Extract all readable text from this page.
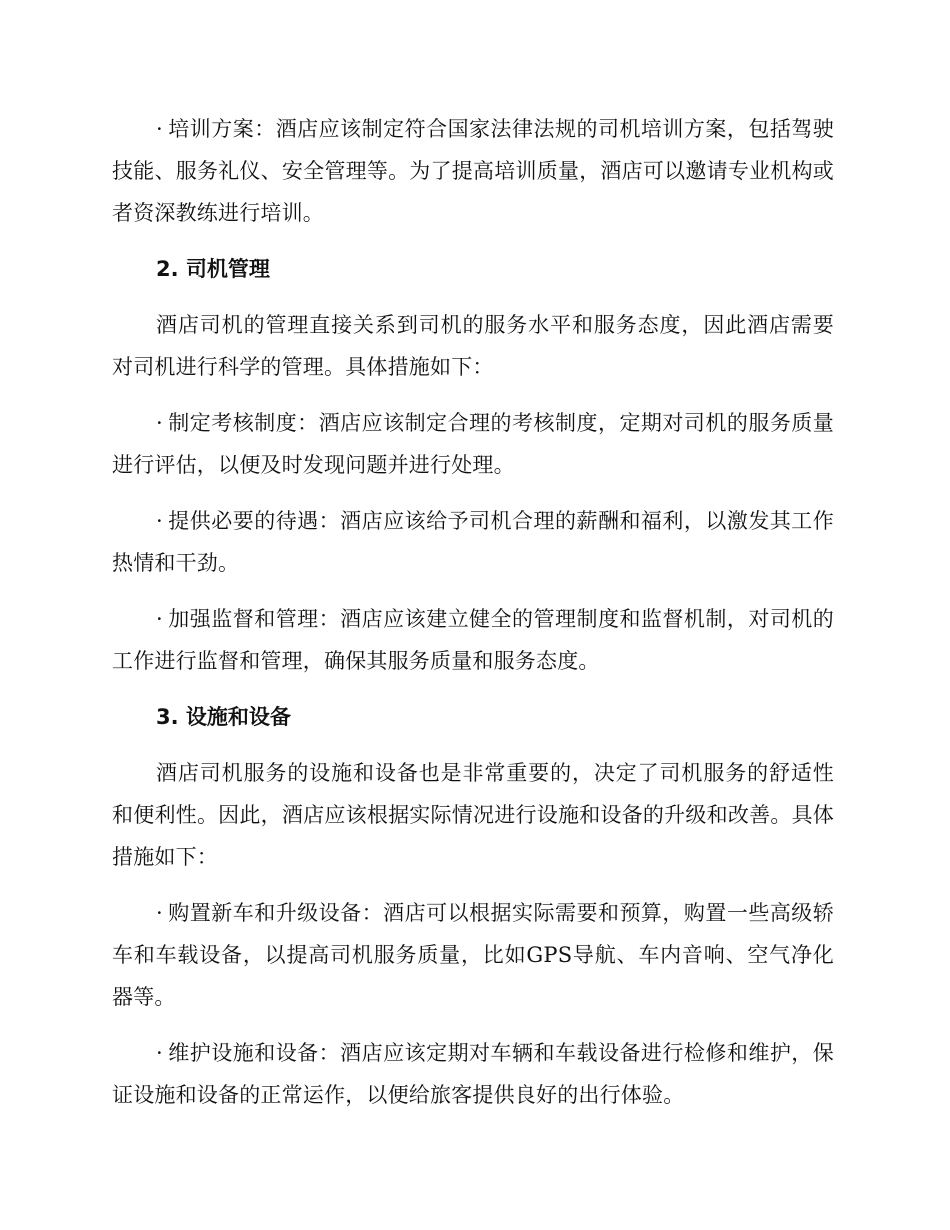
· 培训方案：酒店应该制定符合国家法律法规的司机培训方案，包括驾驶技能、服务礼仪、安全管理等。为了提高培训质量，酒店可以邀请专业机构或者资深教练进行培训。

2. 司机管理

酒店司机的管理直接关系到司机的服务水平和服务态度，因此酒店需要对司机进行科学的管理。具体措施如下：

· 制定考核制度：酒店应该制定合理的考核制度，定期对司机的服务质量进行评估，以便及时发现问题并进行处理。

· 提供必要的待遇：酒店应该给予司机合理的薪酬和福利，以激发其工作热情和干劲。

· 加强监督和管理：酒店应该建立健全的管理制度和监督机制，对司机的工作进行监督和管理，确保其服务质量和服务态度。

3. 设施和设备

酒店司机服务的设施和设备也是非常重要的，决定了司机服务的舒适性和便利性。因此，酒店应该根据实际情况进行设施和设备的升级和改善。具体措施如下：

· 购置新车和升级设备：酒店可以根据实际需要和预算，购置一些高级轿车和车载设备，以提高司机服务质量，比如GPS导航、车内音响、空气净化器等。

· 维护设施和设备：酒店应该定期对车辆和车载设备进行检修和维护，保证设施和设备的正常运作，以便给旅客提供良好的出行体验。
